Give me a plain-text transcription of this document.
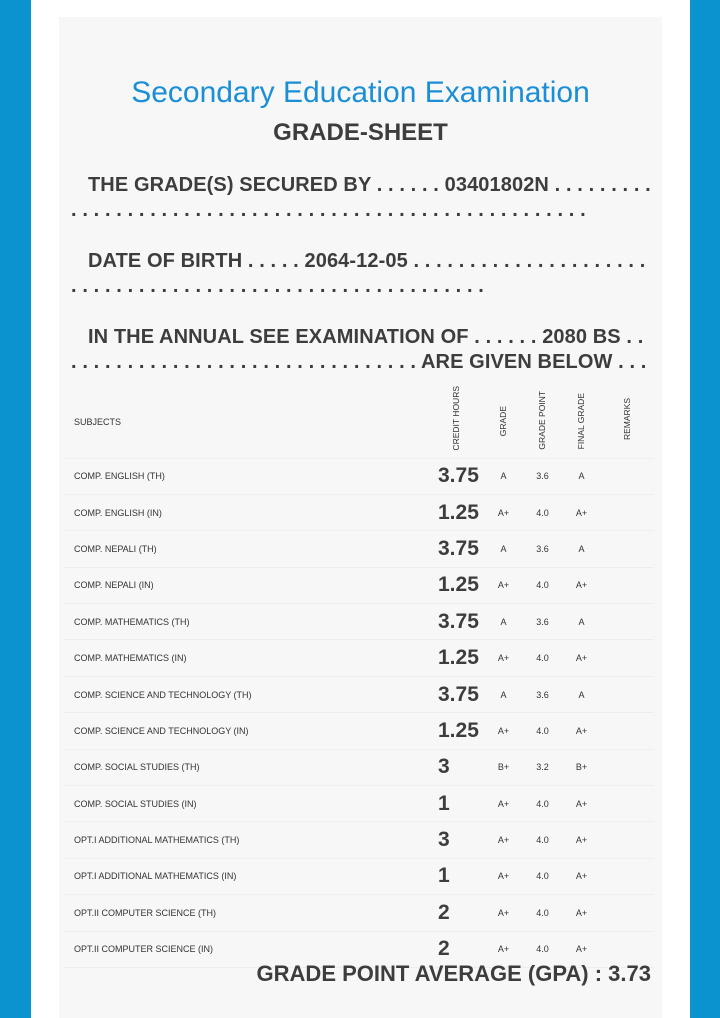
Secondary Education Examination
GRADE-SHEET
THE GRADE(S) SECURED BY . . . . . . 03401802N . . . . . . . . . . . . . . . . . . . . . . . . . . . . . . . . . . . . . . . . . . . . . . . . . . . . . . .
DATE OF BIRTH . . . . . 2064-12-05 . . . . . . . . . . . . . . . . . . . . . . . . . . . . . . . . . . . . . . . . . . . . . . . . . . . . . . . . . .
IN THE ANNUAL SEE EXAMINATION OF . . . . . . 2080 BS . . . . . . . . . . . . . . . . . . . . . . . . . . . . . . . . . ARE GIVEN BELOW . . .
SUBJECTS	CREDIT HOURS	GRADE	GRADE POINT	FINAL GRADE	REMARKS
COMP. ENGLISH (TH)	3.75	A	3.6	A	
COMP. ENGLISH (IN)	1.25	A+	4.0	A+	
COMP. NEPALI (TH)	3.75	A	3.6	A	
COMP. NEPALI (IN)	1.25	A+	4.0	A+	
COMP. MATHEMATICS (TH)	3.75	A	3.6	A	
COMP. MATHEMATICS (IN)	1.25	A+	4.0	A+	
COMP. SCIENCE AND TECHNOLOGY (TH)	3.75	A	3.6	A	
COMP. SCIENCE AND TECHNOLOGY (IN)	1.25	A+	4.0	A+	
COMP. SOCIAL STUDIES (TH)	3	B+	3.2	B+	
COMP. SOCIAL STUDIES (IN)	1	A+	4.0	A+	
OPT.I ADDITIONAL MATHEMATICS (TH)	3	A+	4.0	A+	
OPT.I ADDITIONAL MATHEMATICS (IN)	1	A+	4.0	A+	
OPT.II COMPUTER SCIENCE (TH)	2	A+	4.0	A+	
OPT.II COMPUTER SCIENCE (IN)	2	A+	4.0	A+	
GRADE POINT AVERAGE (GPA) : 3.73
